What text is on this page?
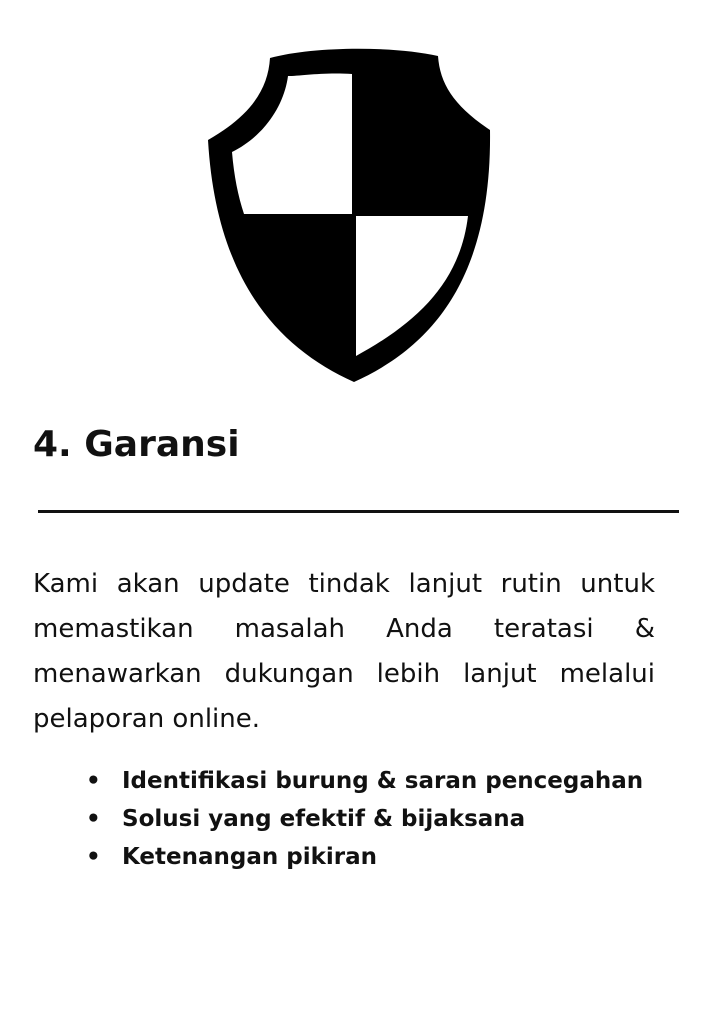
4. Garansi

Kami akan update tindak lanjut rutin untuk memastikan masalah Anda teratasi & menawarkan dukungan lebih lanjut melalui pelaporan online.

• Identifikasi burung & saran pencegahan
• Solusi yang efektif & bijaksana
• Ketenangan pikiran
